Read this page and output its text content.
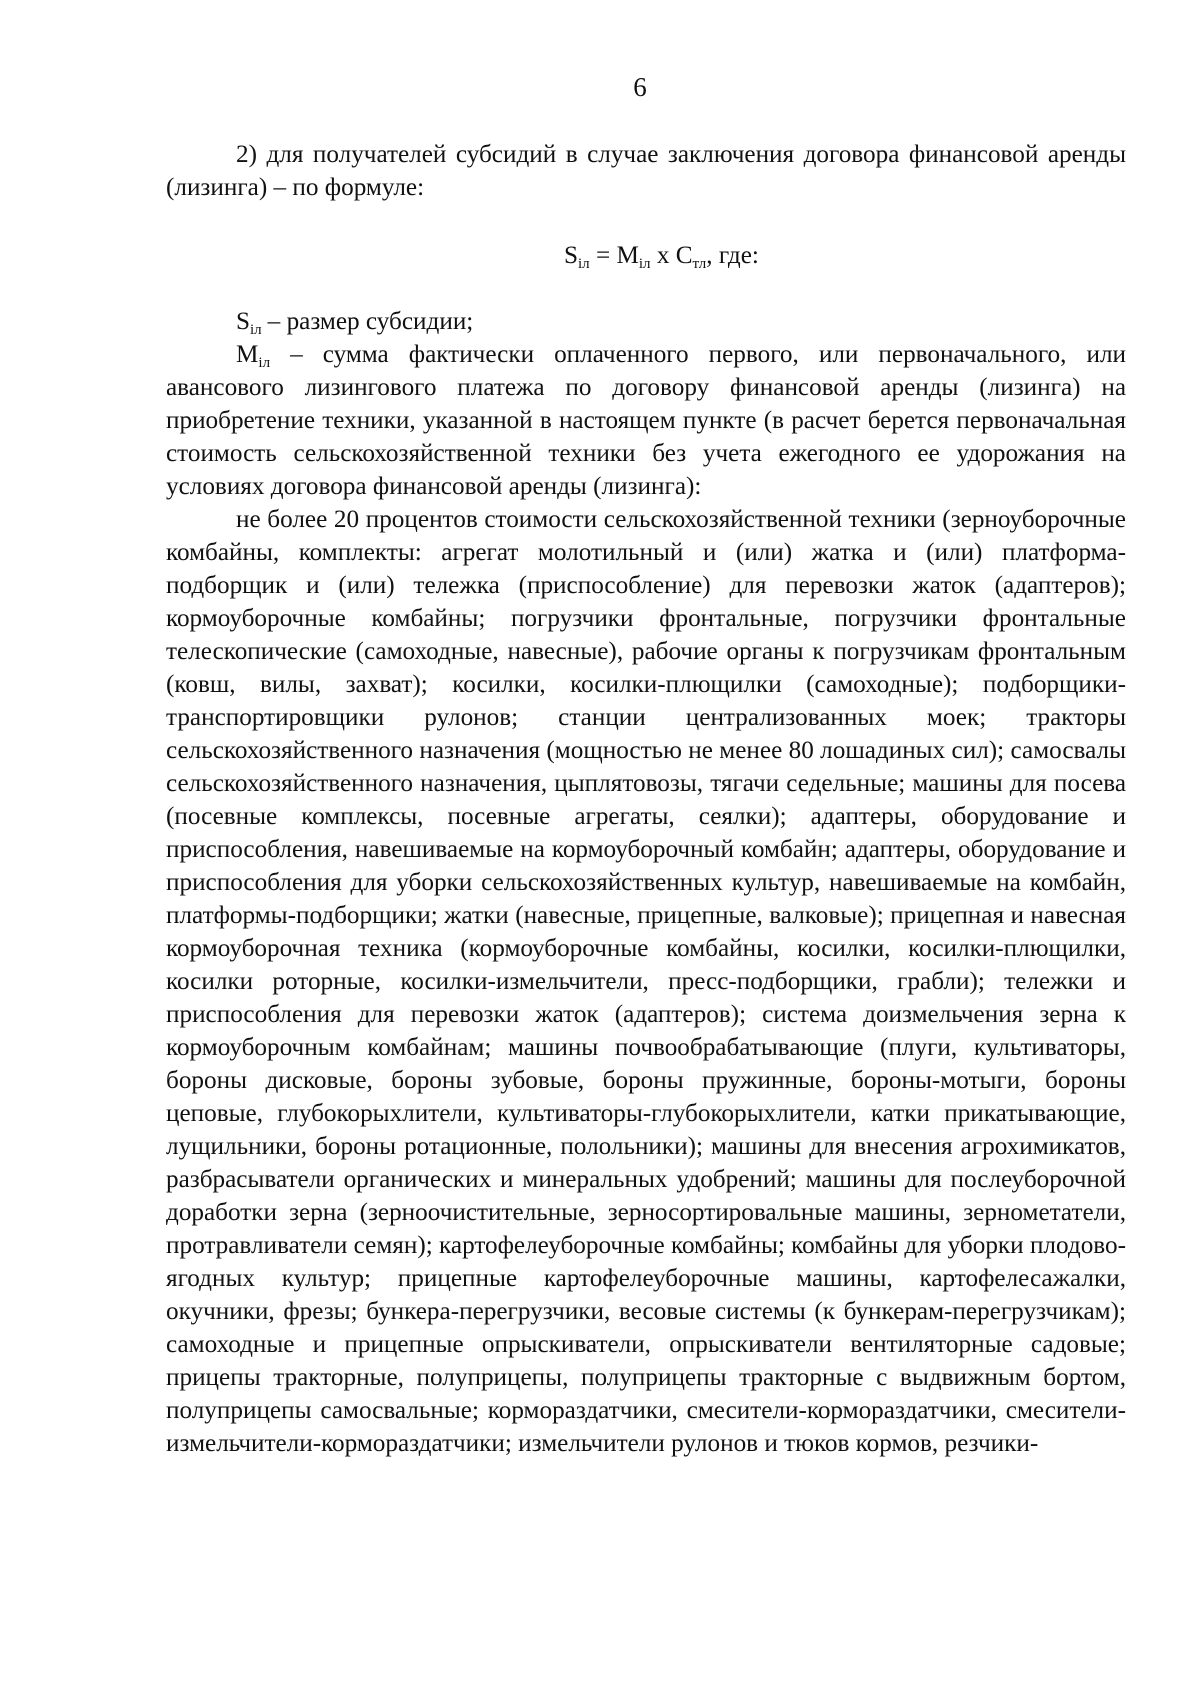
6

2) для получателей субсидий в случае заключения договора финансовой аренды (лизинга) – по формуле:

$S_{iл} = M_{iл}$ x $C_{тл}$, где:

$S_{iл}$ – размер субсидии;

$M_{iл}$ – сумма фактически оплаченного первого, или первоначального, или авансового лизингового платежа по договору финансовой аренды (лизинга) на приобретение техники, указанной в настоящем пункте (в расчет берется первоначальная стоимость сельскохозяйственной техники без учета ежегодного ее удорожания на условиях договора финансовой аренды (лизинга):

не более 20 процентов стоимости сельскохозяйственной техники (зерноуборочные комбайны, комплекты: агрегат молотильный и (или) жатка и (или) платформа-подборщик и (или) тележка (приспособление) для перевозки жаток (адаптеров); кормоуборочные комбайны; погрузчики фронтальные, погрузчики фронтальные телескопические (самоходные, навесные), рабочие органы к погрузчикам фронтальным (ковш, вилы, захват); косилки, косилки-плющилки (самоходные); подборщики-транспортировщики рулонов; станции централизованных моек; тракторы сельскохозяйственного назначения (мощностью не менее 80 лошадиных сил); самосвалы сельскохозяйственного назначения, цыплятовозы, тягачи седельные; машины для посева (посевные комплексы, посевные агрегаты, сеялки); адаптеры, оборудование и приспособления, навешиваемые на кормоуборочный комбайн; адаптеры, оборудование и приспособления для уборки сельскохозяйственных культур, навешиваемые на комбайн, платформы-подборщики; жатки (навесные, прицепные, валковые); прицепная и навесная кормоуборочная техника (кормоуборочные комбайны, косилки, косилки-плющилки, косилки роторные, косилки-измельчители, пресс-подборщики, грабли); тележки и приспособления для перевозки жаток (адаптеров); система доизмельчения зерна к кормоуборочным комбайнам; машины почвообрабатывающие (плуги, культиваторы, бороны дисковые, бороны зубовые, бороны пружинные, бороны-мотыги, бороны цеповые, глубокорыхлители, культиваторы-глубокорыхлители, катки прикатывающие, лущильники, бороны ротационные, полольники); машины для внесения агрохимикатов, разбрасыватели органических и минеральных удобрений; машины для послеуборочной доработки зерна (зерноочистительные, зерносортировальные машины, зернометатели, протравливатели семян); картофелеуборочные комбайны; комбайны для уборки плодово-ягодных культур; прицепные картофелеуборочные машины, картофелесажалки, окучники, фрезы; бункера-перегрузчики, весовые системы (к бункерам-перегрузчикам); самоходные и прицепные опрыскиватели, опрыскиватели вентиляторные садовые; прицепы тракторные, полуприцепы, полуприцепы тракторные с выдвижным бортом, полуприцепы самосвальные; кормораздатчики, смесители-кормораздатчики, смесители-измельчители-кормораздатчики; измельчители рулонов и тюков кормов, резчики-
